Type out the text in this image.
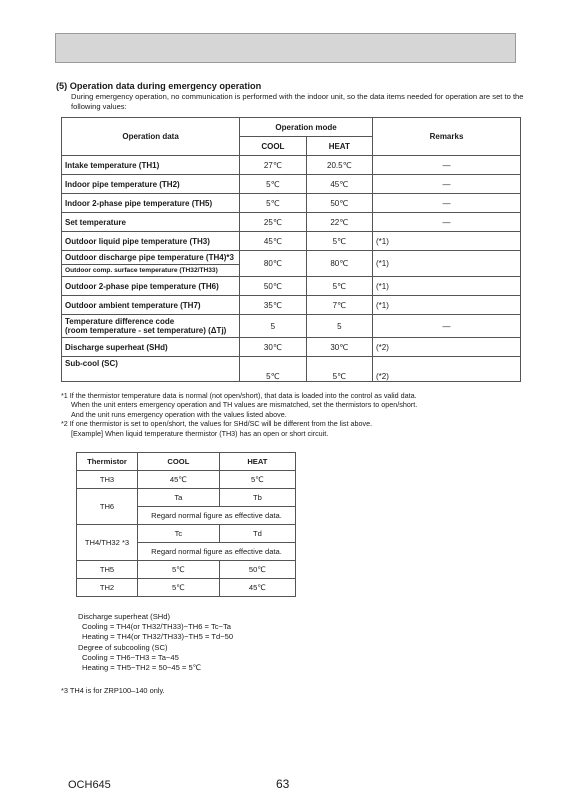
(5) Operation data during emergency operation
During emergency operation, no communication is performed with the indoor unit, so the data items needed for operation are set to the following values:
Operation data	Operation mode		Remarks
	COOL	HEAT	
Intake temperature (TH1)	27℃	20.5℃	—
Indoor pipe temperature (TH2)	5℃	45℃	—
Indoor 2-phase pipe temperature (TH5)	5℃	50℃	—
Set temperature	25℃	22℃	—
Outdoor liquid pipe temperature (TH3)	45℃	5℃	(*1)

Outdoor discharge pipe temperature (TH4)*3
Outdoor comp. surface temperature (TH32/TH33)	80℃	80℃	(*1)
Outdoor 2-phase pipe temperature (TH6)	50℃	5℃	(*1)
Outdoor ambient temperature (TH7)	35℃	7℃	(*1)

Temperature difference code
(room temperature - set temperature) (ΔTj)	5	5	—
Discharge superheat (SHd)	30℃	30℃	(*2)
Sub-cool (SC)	5℃	5℃	(*2)
*1 If the thermistor temperature data is normal (not open/short), that data is loaded into the control as valid data.
When the unit enters emergency operation and TH values are mismatched, set the thermistors to open/short.
And the unit runs emergency operation with the values listed above.
*2 If one thermistor is set to open/short, the values for SHd/SC will be different from the list above.
[Example] When liquid temperature thermistor (TH3) has an open or short circuit.
Thermistor	COOL	HEAT
TH3	45℃	5℃
TH6	Ta	Tb
	Regard normal figure as effective data.	
TH4/TH32 *3	Tc	Td
	Regard normal figure as effective data.	
TH5	5℃	50℃
TH2	5℃	45℃
Discharge superheat (SHd)
Cooling = TH4(or TH32/TH33)−TH6 = Tc−Ta
Heating = TH4(or TH32/TH33)−TH5 = Td−50
Degree of subcooling (SC)
Cooling = TH6−TH3 = Ta−45
Heating = TH5−TH2 = 50−45 = 5℃
*3 TH4 is for ZRP100–140 only.
OCH645	63
